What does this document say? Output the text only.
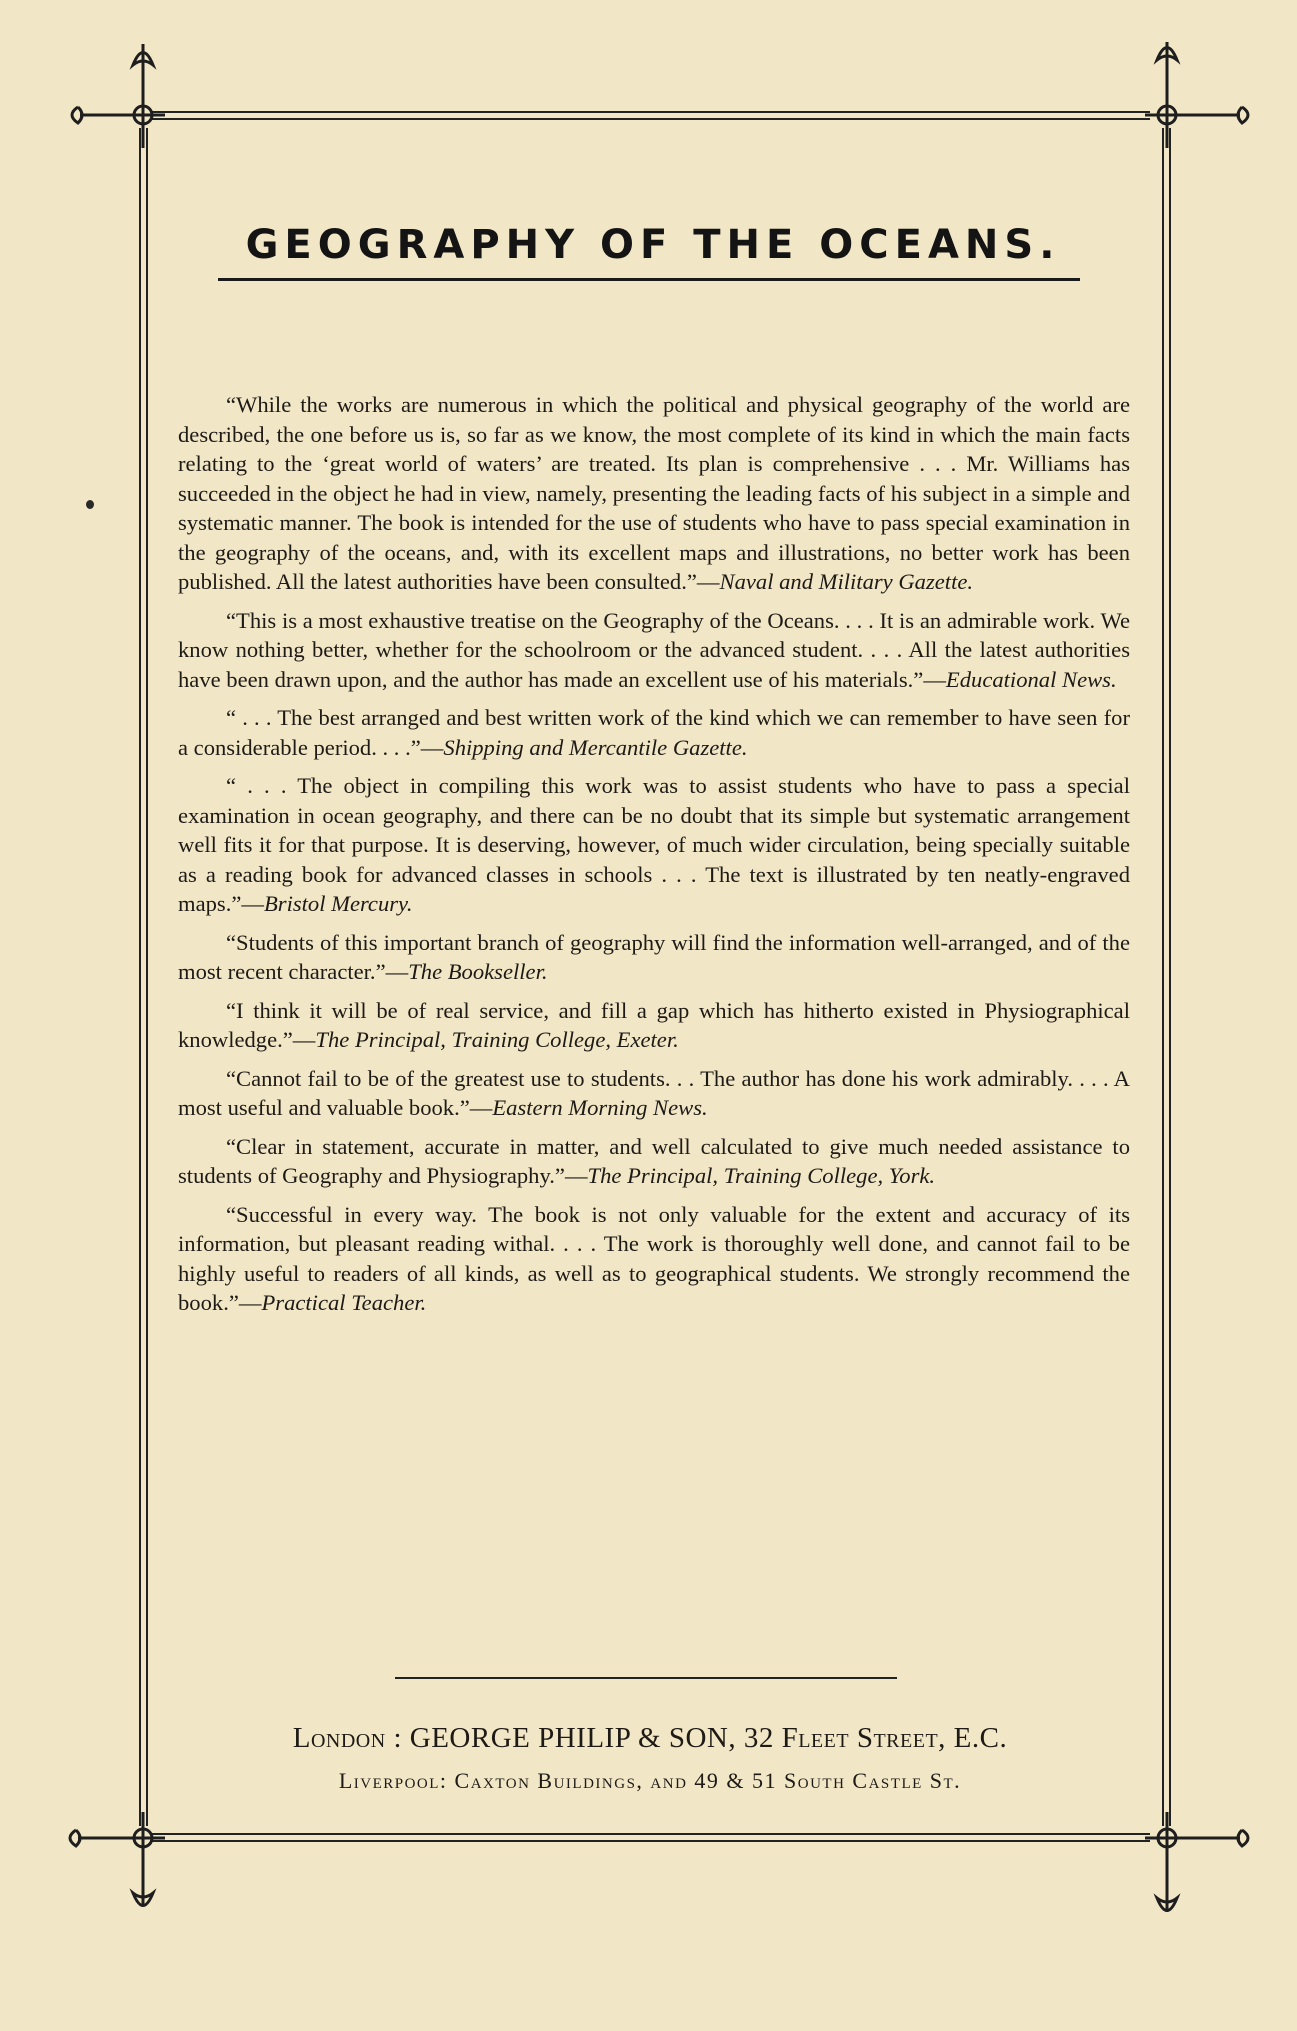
GEOGRAPHY OF THE OCEANS.

“While the works are numerous in which the political and physical geography of the world are described, the one before us is, so far as we know, the most complete of its kind in which the main facts relating to the ‘great world of waters’ are treated. Its plan is comprehensive . . . Mr. Williams has succeeded in the object he had in view, namely, presenting the leading facts of his subject in a simple and systematic manner. The book is intended for the use of students who have to pass special examination in the geography of the oceans, and, with its excellent maps and illustrations, no better work has been published. All the latest authorities have been consulted.”—Naval and Military Gazette.

“This is a most exhaustive treatise on the Geography of the Oceans. . . . It is an admirable work. We know nothing better, whether for the schoolroom or the advanced student. . . . All the latest authorities have been drawn upon, and the author has made an excellent use of his materials.”—Educational News.

“ . . . The best arranged and best written work of the kind which we can remember to have seen for a considerable period. . . .”—Shipping and Mercantile Gazette.

“ . . . The object in compiling this work was to assist students who have to pass a special examination in ocean geography, and there can be no doubt that its simple but systematic arrangement well fits it for that purpose. It is deserving, however, of much wider circulation, being specially suitable as a reading book for advanced classes in schools . . . The text is illustrated by ten neatly-engraved maps.”—Bristol Mercury.

“Students of this important branch of geography will find the information well-arranged, and of the most recent character.”—The Bookseller.

“I think it will be of real service, and fill a gap which has hitherto existed in Physiographical knowledge.”—The Principal, Training College, Exeter.

“Cannot fail to be of the greatest use to students. . . The author has done his work admirably. . . . A most useful and valuable book.”—Eastern Morning News.

“Clear in statement, accurate in matter, and well calculated to give much needed assistance to students of Geography and Physiography.”—The Principal, Training College, York.

“Successful in every way. The book is not only valuable for the extent and accuracy of its information, but pleasant reading withal. . . . The work is thoroughly well done, and cannot fail to be highly useful to readers of all kinds, as well as to geographical students. We strongly recommend the book.”—Practical Teacher.

London : GEORGE PHILIP & SON, 32 Fleet Street, E.C.
Liverpool: Caxton Buildings, and 49 & 51 South Castle St.
